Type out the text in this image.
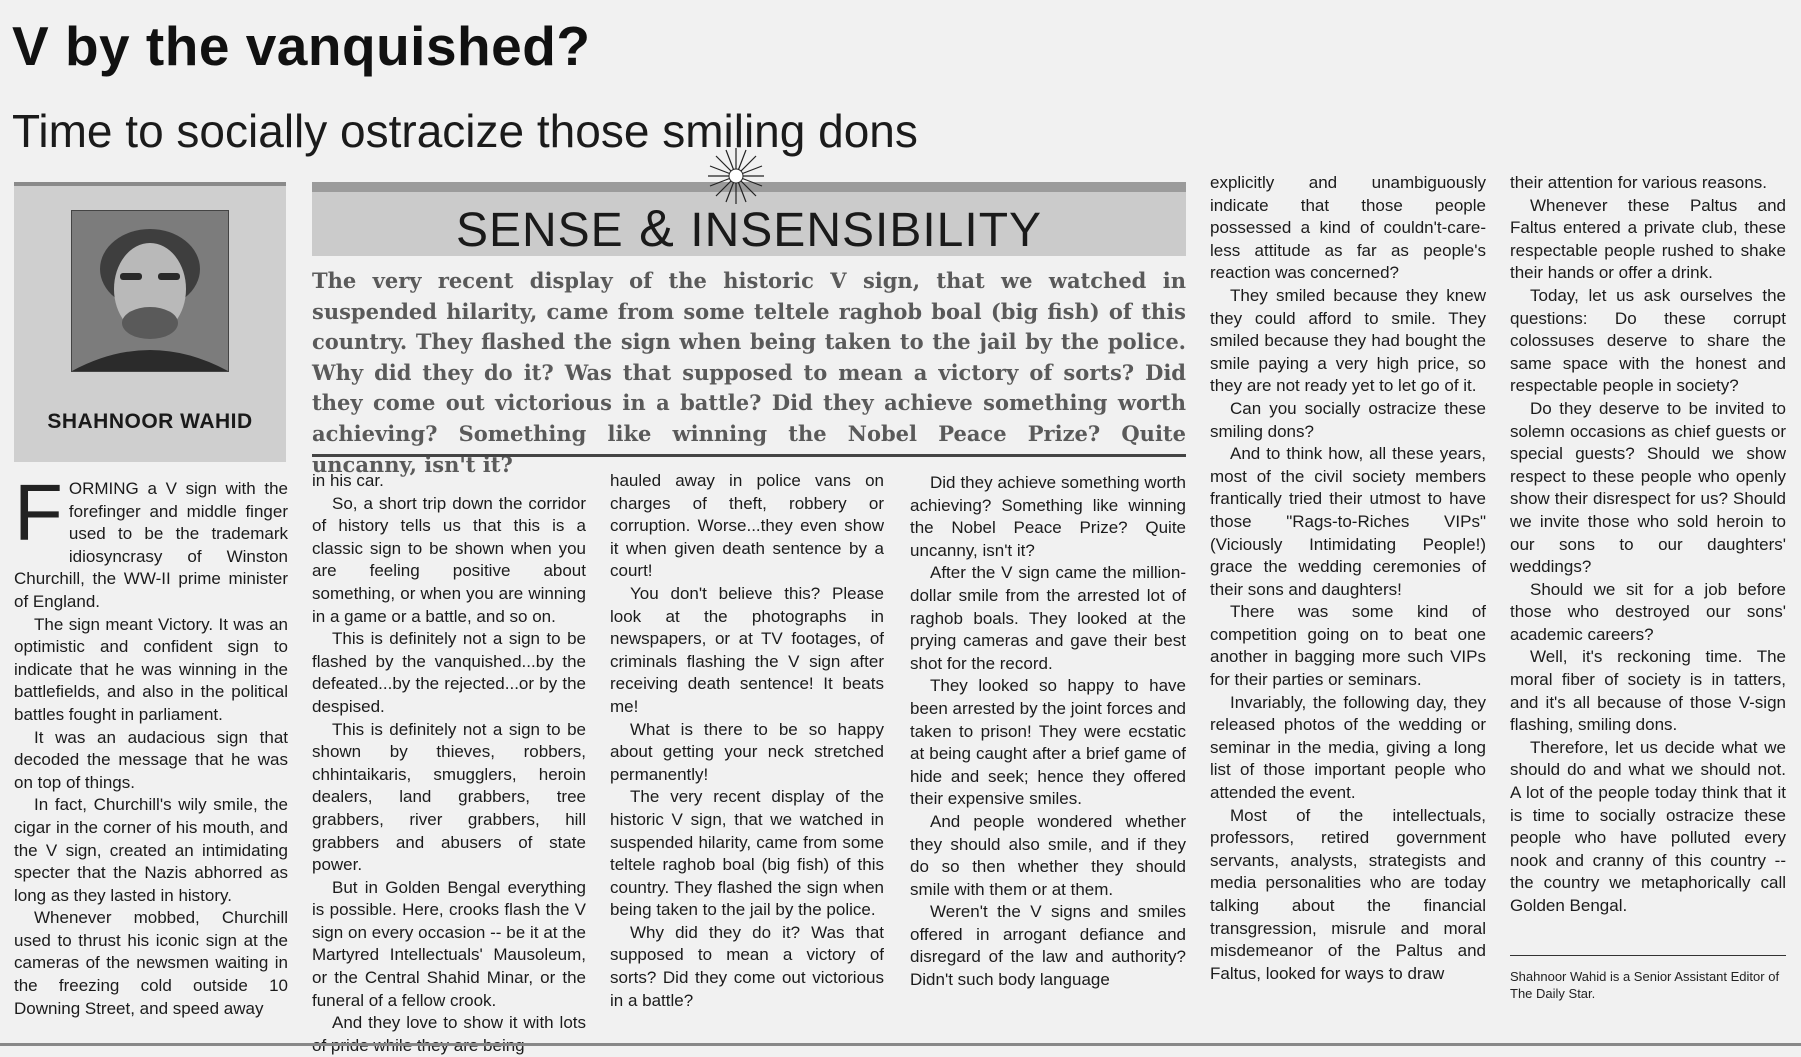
V by the vanquished?
Time to socially ostracize those smiling dons
SHAHNOOR WAHID
SENSE & INSENSIBILITY

The very recent display of the historic V sign, that we watched in suspended hilarity, came from some teltele raghob boal (big fish) of this country. They flashed the sign when being taken to the jail by the police. Why did they do it? Was that supposed to mean a victory of sorts? Did they come out victorious in a battle? Did they achieve something worth achieving? Something like winning the Nobel Peace Prize? Quite uncanny, isn't it?

FORMING a V sign with the forefinger and middle finger used to be the trademark idiosyncrasy of Winston Churchill, the WW-II prime minister of England.

The sign meant Victory. It was an optimistic and confident sign to indicate that he was winning in the battlefields, and also in the political battles fought in parliament.

It was an audacious sign that decoded the message that he was on top of things.

In fact, Churchill's wily smile, the cigar in the corner of his mouth, and the V sign, created an intimidating specter that the Nazis abhorred as long as they lasted in history.

Whenever mobbed, Churchill used to thrust his iconic sign at the cameras of the newsmen waiting in the freezing cold outside 10 Downing Street, and speed away

in his car.

So, a short trip down the corridor of history tells us that this is a classic sign to be shown when you are feeling positive about something, or when you are winning in a game or a battle, and so on.

This is definitely not a sign to be flashed by the vanquished...by the defeated...by the rejected...or by the despised.

This is definitely not a sign to be shown by thieves, robbers, chhintaikaris, smugglers, heroin dealers, land grabbers, tree grabbers, river grabbers, hill grabbers and abusers of state power.

But in Golden Bengal everything is possible. Here, crooks flash the V sign on every occasion -- be it at the Martyred Intellectuals' Mausoleum, or the Central Shahid Minar, or the funeral of a fellow crook.

And they love to show it with lots of pride while they are being

hauled away in police vans on charges of theft, robbery or corruption. Worse...they even show it when given death sentence by a court!

You don't believe this? Please look at the photographs in newspapers, or at TV footages, of criminals flashing the V sign after receiving death sentence! It beats me!

What is there to be so happy about getting your neck stretched permanently!

The very recent display of the historic V sign, that we watched in suspended hilarity, came from some teltele raghob boal (big fish) of this country. They flashed the sign when being taken to the jail by the police.

Why did they do it? Was that supposed to mean a victory of sorts? Did they come out victorious in a battle?

Did they achieve something worth achieving? Something like winning the Nobel Peace Prize? Quite uncanny, isn't it?

After the V sign came the million-dollar smile from the arrested lot of raghob boals. They looked at the prying cameras and gave their best shot for the record.

They looked so happy to have been arrested by the joint forces and taken to prison! They were ecstatic at being caught after a brief game of hide and seek; hence they offered their expensive smiles.

And people wondered whether they should also smile, and if they do so then whether they should smile with them or at them.

Weren't the V signs and smiles offered in arrogant defiance and disregard of the law and authority? Didn't such body language

explicitly and unambiguously indicate that those people possessed a kind of couldn't-care-less attitude as far as people's reaction was concerned?

They smiled because they knew they could afford to smile. They smiled because they had bought the smile paying a very high price, so they are not ready yet to let go of it.

Can you socially ostracize these smiling dons?

And to think how, all these years, most of the civil society members frantically tried their utmost to have those "Rags-to-Riches VIPs" (Viciously Intimidating People!) grace the wedding ceremonies of their sons and daughters!

There was some kind of competition going on to beat one another in bagging more such VIPs for their parties or seminars.

Invariably, the following day, they released photos of the wedding or seminar in the media, giving a long list of those important people who attended the event.

Most of the intellectuals, professors, retired government servants, analysts, strategists and media personalities who are today talking about the financial transgression, misrule and moral misdemeanor of the Paltus and Faltus, looked for ways to draw

their attention for various reasons.

Whenever these Paltus and Faltus entered a private club, these respectable people rushed to shake their hands or offer a drink.

Today, let us ask ourselves the questions: Do these corrupt colossuses deserve to share the same space with the honest and respectable people in society?

Do they deserve to be invited to solemn occasions as chief guests or special guests? Should we show respect to these people who openly show their disrespect for us? Should we invite those who sold heroin to our sons to our daughters' weddings?

Should we sit for a job before those who destroyed our sons' academic careers?

Well, it's reckoning time. The moral fiber of society is in tatters, and it's all because of those V-sign flashing, smiling dons.

Therefore, let us decide what we should do and what we should not. A lot of the people today think that it is time to socially ostracize these people who have polluted every nook and cranny of this country -- the country we metaphorically call Golden Bengal.

Shahnoor Wahid is a Senior Assistant Editor of The Daily Star.
